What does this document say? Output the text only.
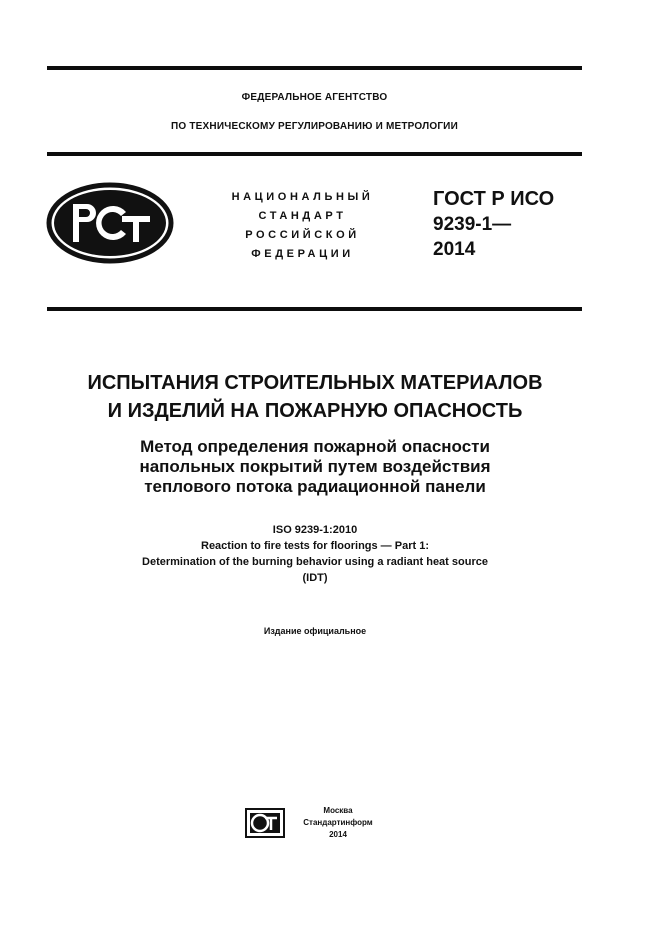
ФЕДЕРАЛЬНОЕ АГЕНТСТВО
ПО ТЕХНИЧЕСКОМУ РЕГУЛИРОВАНИЮ И МЕТРОЛОГИИ
НАЦИОНАЛЬНЫЙ
СТАНДАРТ
РОССИЙСКОЙ
ФЕДЕРАЦИИ
ГОСТ Р ИСО
9239-1—
2014
ИСПЫТАНИЯ СТРОИТЕЛЬНЫХ МАТЕРИАЛОВ
И ИЗДЕЛИЙ НА ПОЖАРНУЮ ОПАСНОСТЬ
Метод определения пожарной опасности
напольных покрытий путем воздействия
теплового потока радиационной панели
ISO 9239-1:2010
Reaction to fire tests for floorings — Part 1:
Determination of the burning behavior using a radiant heat source
(IDT)
Издание официальное
Москва
Стандартинформ
2014
